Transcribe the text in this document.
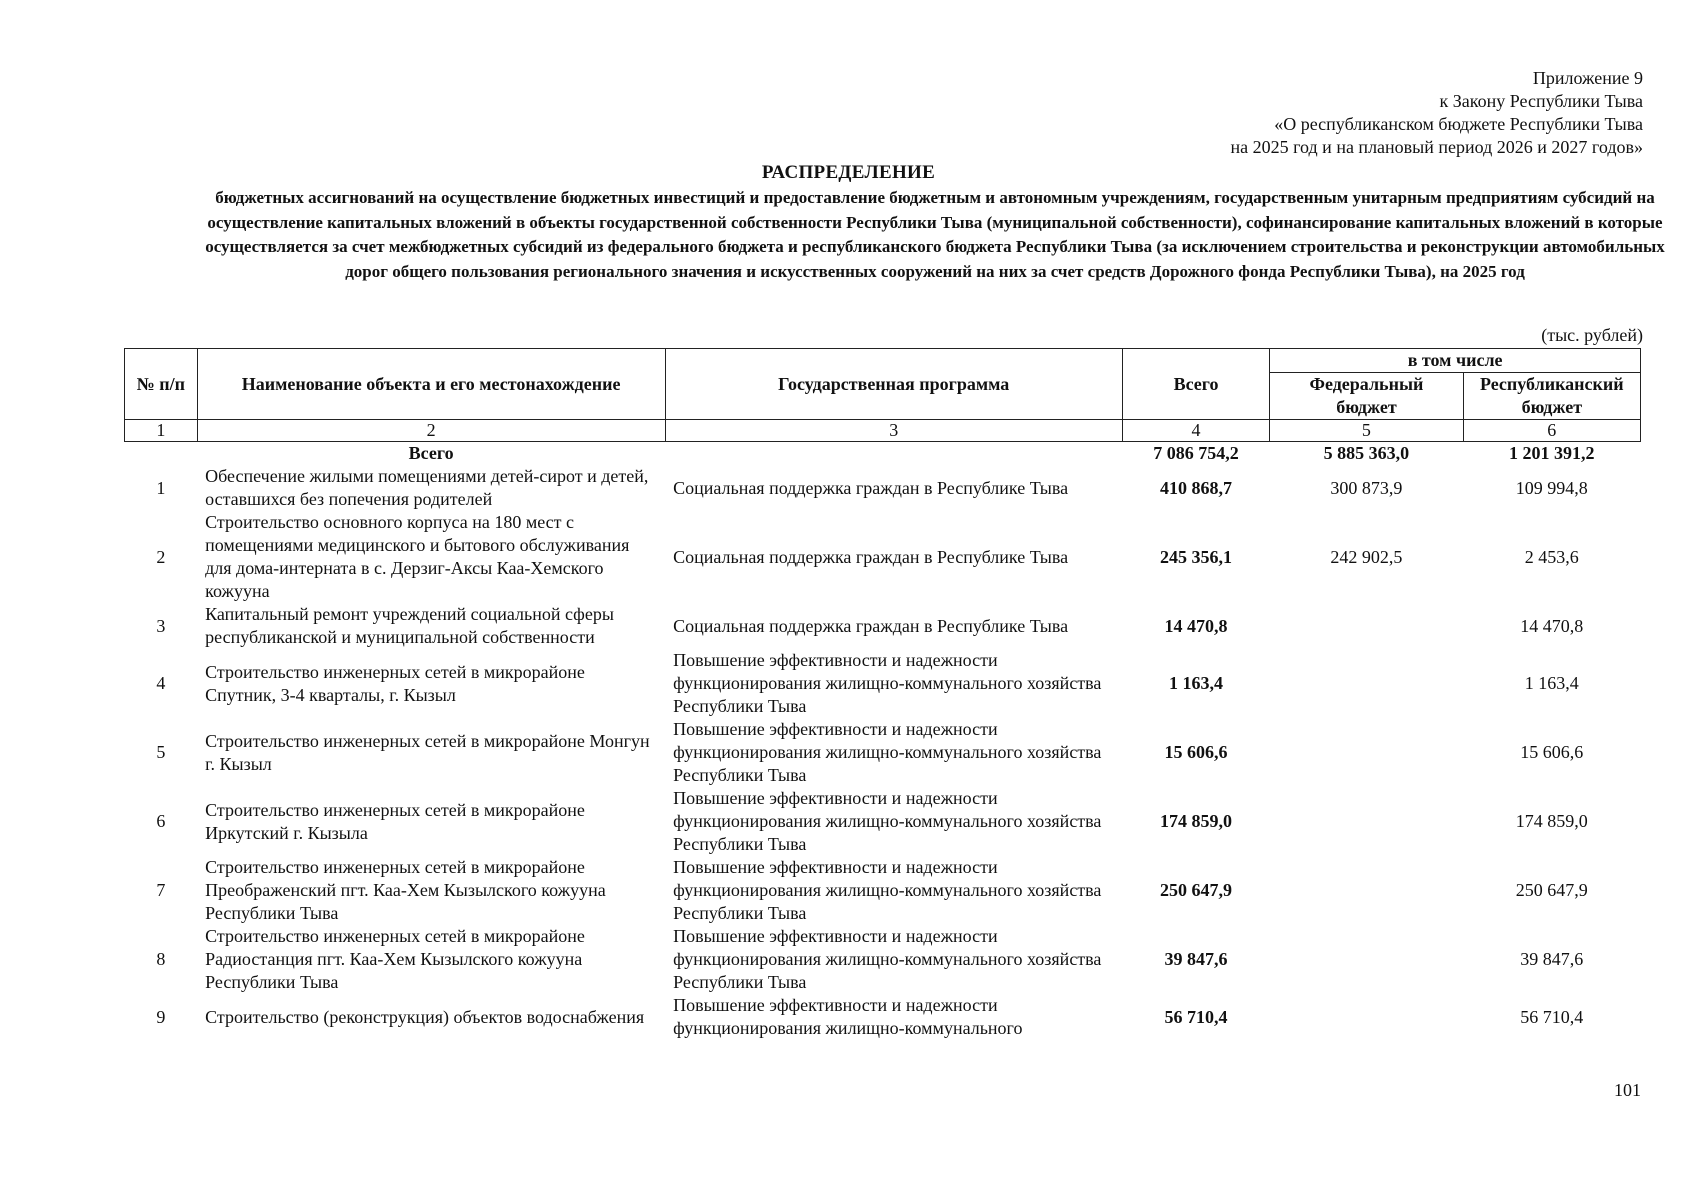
Приложение 9
к Закону Республики Тыва
«О республиканском бюджете Республики Тыва
на 2025 год и на плановый период 2026 и 2027 годов»
РАСПРЕДЕЛЕНИЕ
бюджетных ассигнований на осуществление бюджетных инвестиций и предоставление бюджетным и автономным учреждениям, государственным унитарным предприятиям субсидий на осуществление капитальных вложений в объекты государственной собственности Республики Тыва (муниципальной собственности), софинансирование капитальных вложений в которые осуществляется за счет межбюджетных субсидий из федерального бюджета и республиканского бюджета Республики Тыва (за исключением строительства и реконструкции автомобильных дорог общего пользования регионального значения и искусственных сооружений на них за счет средств Дорожного фонда Республики Тыва), на 2025 год
(тыс. рублей)
№ п/п	Наименование объекта и его местонахождение	Государственная программа	Всего	в том числе	
				Федеральный бюджет	Республиканский бюджет
1	2	3	4	5	6
	Всего		7 086 754,2	5 885 363,0	1 201 391,2
1	Обеспечение жилыми помещениями детей-сирот и детей, оставшихся без попечения родителей	Социальная поддержка граждан в Республике Тыва	410 868,7	300 873,9	109 994,8
2	Строительство основного корпуса на 180 мест с помещениями медицинского и бытового обслуживания для дома-интерната в с. Дерзиг-Аксы Каа-Хемского кожууна	Социальная поддержка граждан в Республике Тыва	245 356,1	242 902,5	2 453,6
3	Капитальный ремонт учреждений социальной сферы республиканской и муниципальной собственности	Социальная поддержка граждан в Республике Тыва	14 470,8		14 470,8
4	Строительство инженерных сетей в микрорайоне Спутник, 3-4 кварталы, г. Кызыл	Повышение эффективности и надежности функционирования жилищно-коммунального хозяйства Республики Тыва	1 163,4		1 163,4
5	Строительство инженерных сетей в микрорайоне Монгун г. Кызыл	Повышение эффективности и надежности функционирования жилищно-коммунального хозяйства Республики Тыва	15 606,6		15 606,6
6	Строительство инженерных сетей в микрорайоне Иркутский г. Кызыла	Повышение эффективности и надежности функционирования жилищно-коммунального хозяйства Республики Тыва	174 859,0		174 859,0
7	Строительство инженерных сетей в микрорайоне Преображенский пгт. Каа-Хем Кызылского кожууна Республики Тыва	Повышение эффективности и надежности функционирования жилищно-коммунального хозяйства Республики Тыва	250 647,9		250 647,9
8	Строительство инженерных сетей в микрорайоне Радиостанция пгт. Каа-Хем Кызылского кожууна Республики Тыва	Повышение эффективности и надежности функционирования жилищно-коммунального хозяйства Республики Тыва	39 847,6		39 847,6
9	Строительство (реконструкция) объектов водоснабжения	Повышение эффективности и надежности функционирования жилищно-коммунального	56 710,4		56 710,4
101
